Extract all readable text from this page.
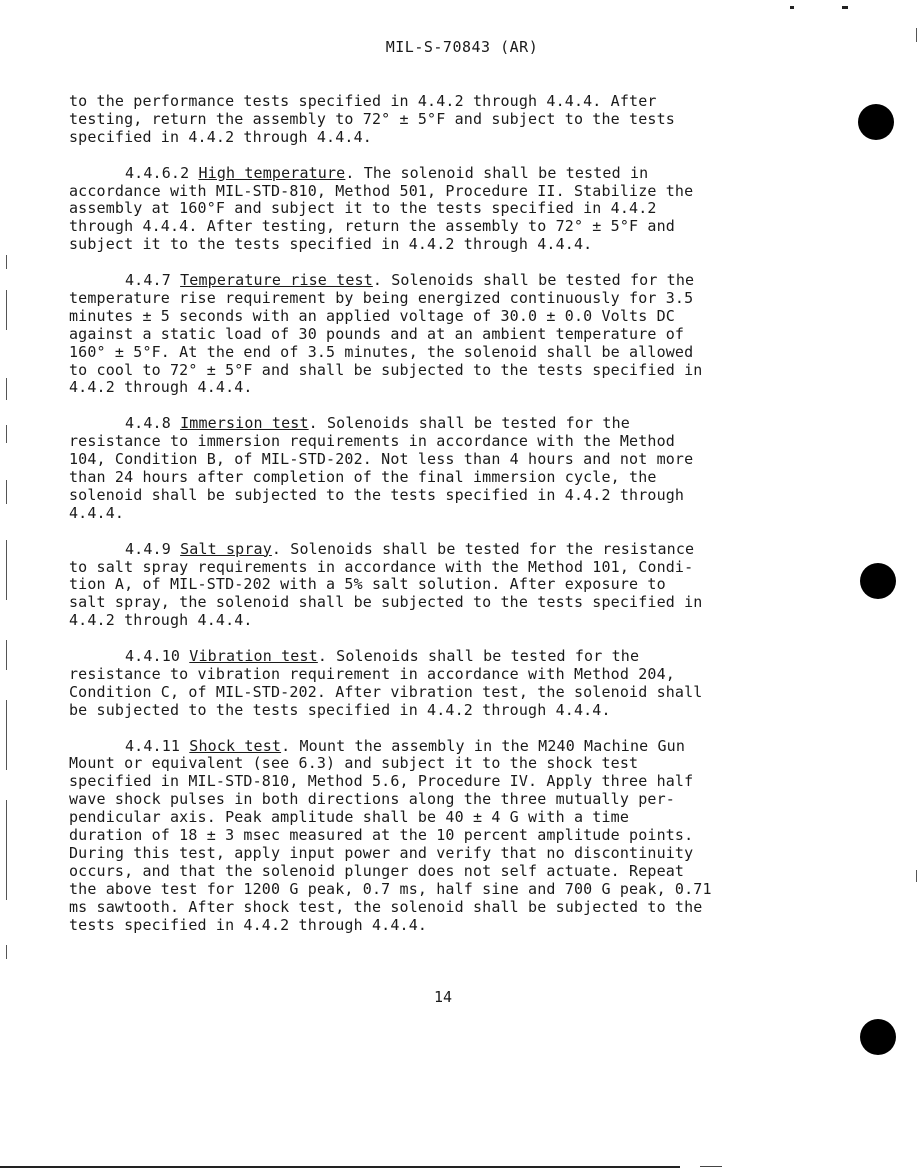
MIL-S-70843 (AR)

to the performance tests specified in 4.4.2 through 4.4.4. After
testing, return the assembly to 72° ± 5°F and subject to the tests
specified in 4.4.2 through 4.4.4.

4.4.6.2 High temperature. The solenoid shall be tested in
accordance with MIL-STD-810, Method 501, Procedure II. Stabilize the
assembly at 160°F and subject it to the tests specified in 4.4.2
through 4.4.4. After testing, return the assembly to 72° ± 5°F and
subject it to the tests specified in 4.4.2 through 4.4.4.

4.4.7 Temperature rise test. Solenoids shall be tested for the
temperature rise requirement by being energized continuously for 3.5
minutes ± 5 seconds with an applied voltage of 30.0 ± 0.0 Volts DC
against a static load of 30 pounds and at an ambient temperature of
160° ± 5°F. At the end of 3.5 minutes, the solenoid shall be allowed
to cool to 72° ± 5°F and shall be subjected to the tests specified in
4.4.2 through 4.4.4.

4.4.8 Immersion test. Solenoids shall be tested for the
resistance to immersion requirements in accordance with the Method
104, Condition B, of MIL-STD-202. Not less than 4 hours and not more
than 24 hours after completion of the final immersion cycle, the
solenoid shall be subjected to the tests specified in 4.4.2 through
4.4.4.

4.4.9 Salt spray. Solenoids shall be tested for the resistance
to salt spray requirements in accordance with the Method 101, Condi-
tion A, of MIL-STD-202 with a 5% salt solution. After exposure to
salt spray, the solenoid shall be subjected to the tests specified in
4.4.2 through 4.4.4.

4.4.10 Vibration test. Solenoids shall be tested for the
resistance to vibration requirement in accordance with Method 204,
Condition C, of MIL-STD-202. After vibration test, the solenoid shall
be subjected to the tests specified in 4.4.2 through 4.4.4.

4.4.11 Shock test. Mount the assembly in the M240 Machine Gun
Mount or equivalent (see 6.3) and subject it to the shock test
specified in MIL-STD-810, Method 5.6, Procedure IV. Apply three half
wave shock pulses in both directions along the three mutually per-
pendicular axis. Peak amplitude shall be 40 ± 4 G with a time
duration of 18 ± 3 msec measured at the 10 percent amplitude points.
During this test, apply input power and verify that no discontinuity
occurs, and that the solenoid plunger does not self actuate. Repeat
the above test for 1200 G peak, 0.7 ms, half sine and 700 G peak, 0.71
ms sawtooth. After shock test, the solenoid shall be subjected to the
tests specified in 4.4.2 through 4.4.4.

14
